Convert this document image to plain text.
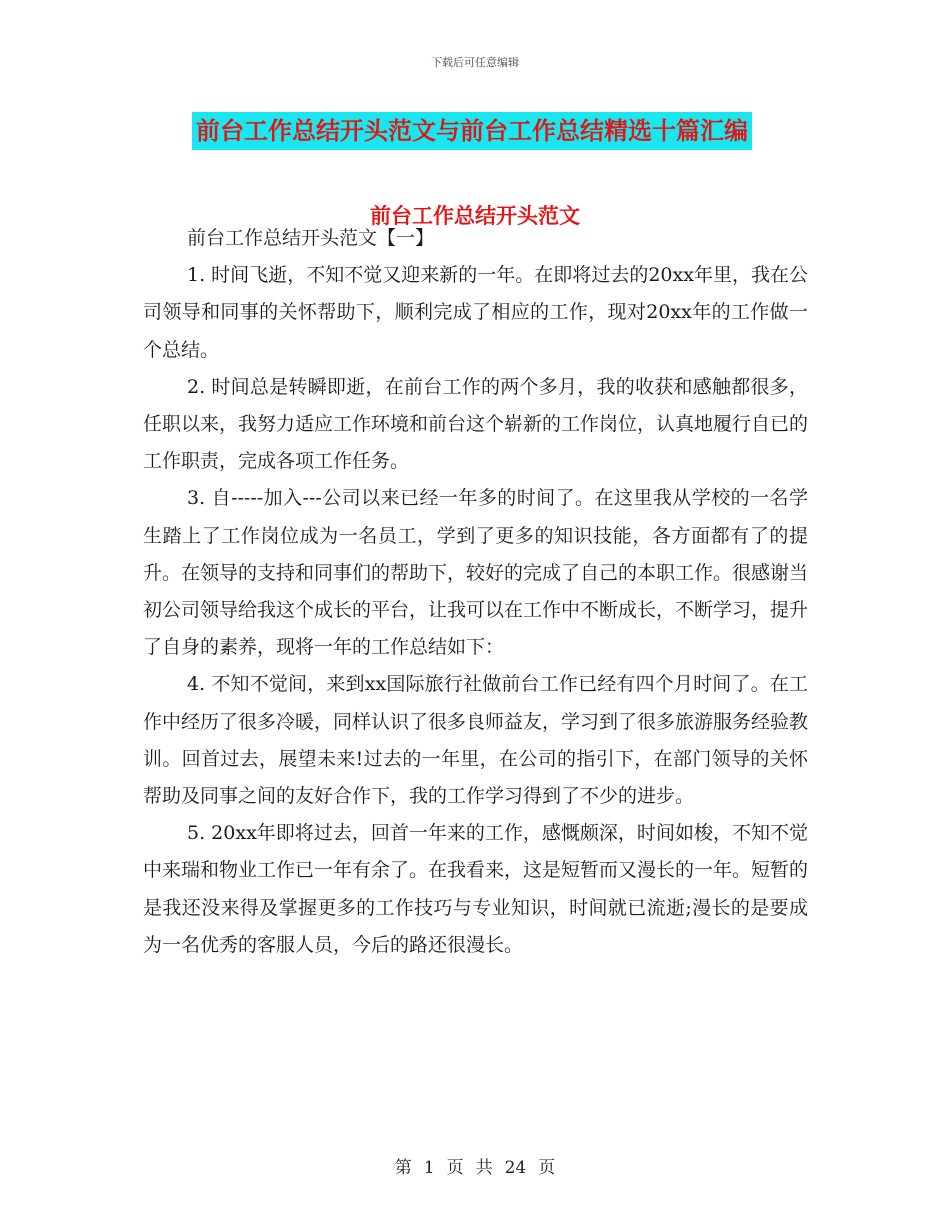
下载后可任意编辑
前台工作总结开头范文与前台工作总结精选十篇汇编
前台工作总结开头范文

前台工作总结开头范文【一】

1. 时间飞逝，不知不觉又迎来新的一年。在即将过去的20xx年里，我在公司领导和同事的关怀帮助下，顺利完成了相应的工作，现对20xx年的工作做一个总结。

2. 时间总是转瞬即逝，在前台工作的两个多月，我的收获和感触都很多，任职以来，我努力适应工作环境和前台这个崭新的工作岗位，认真地履行自已的工作职责，完成各项工作任务。

3. 自-----加入---公司以来已经一年多的时间了。在这里我从学校的一名学生踏上了工作岗位成为一名员工，学到了更多的知识技能，各方面都有了的提升。在领导的支持和同事们的帮助下，较好的完成了自己的本职工作。很感谢当初公司领导给我这个成长的平台，让我可以在工作中不断成长，不断学习，提升了自身的素养，现将一年的工作总结如下：

4. 不知不觉间，来到xx国际旅行社做前台工作已经有四个月时间了。在工作中经历了很多冷暖，同样认识了很多良师益友，学习到了很多旅游服务经验教训。回首过去，展望未来!过去的一年里，在公司的指引下，在部门领导的关怀帮助及同事之间的友好合作下，我的工作学习得到了不少的进步。

5. 20xx年即将过去，回首一年来的工作，感慨颇深，时间如梭，不知不觉中来瑞和物业工作已一年有余了。在我看来，这是短暂而又漫长的一年。短暂的是我还没来得及掌握更多的工作技巧与专业知识，时间就已流逝;漫长的是要成为一名优秀的客服人员，今后的路还很漫长。

第 1 页 共 24 页
